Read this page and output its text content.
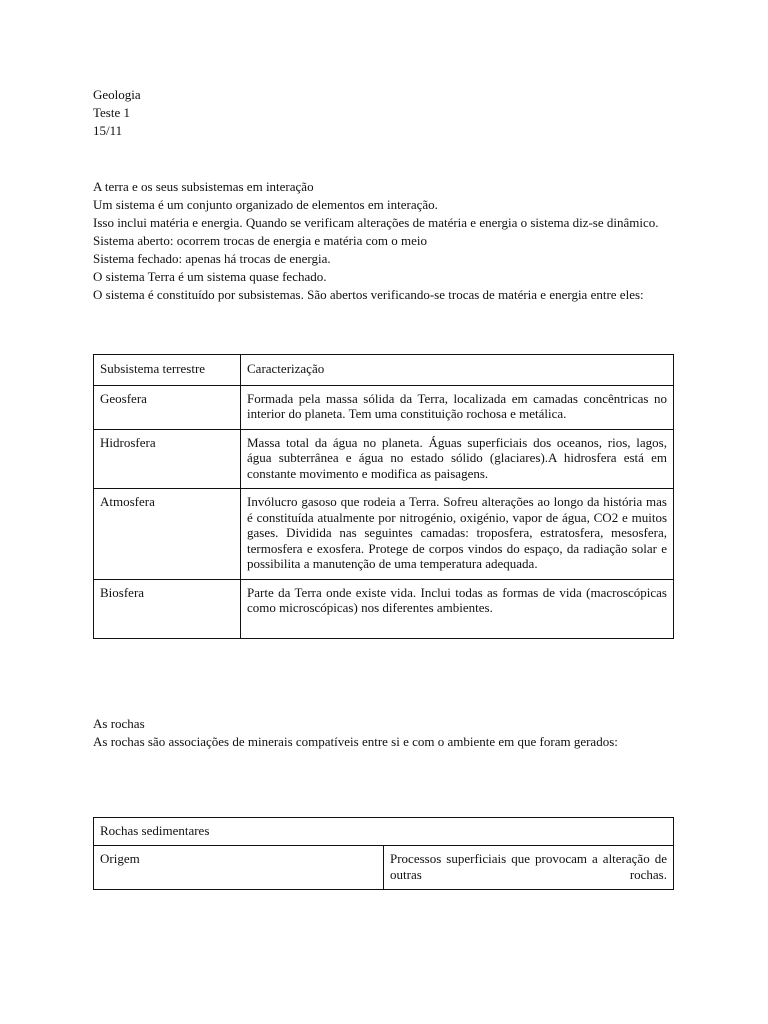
Geologia
Teste 1
15/11
A terra e os seus subsistemas em interação

Um sistema é um conjunto organizado de elementos em interação.

Isso inclui matéria e energia. Quando se verificam alterações de matéria e energia o sistema diz-se dinâmico.

Sistema aberto: ocorrem trocas de energia e matéria com o meio

Sistema fechado: apenas há trocas de energia.

O sistema Terra é um sistema quase fechado.

O sistema é constituído por subsistemas. São abertos verificando-se trocas de matéria e energia entre eles:

Subsistema terrestre	Caracterização
Geosfera	Formada pela massa sólida da Terra, localizada em camadas concêntricas no interior do planeta. Tem uma constituição rochosa e metálica.
Hidrosfera	Massa total da água no planeta. Águas superficiais dos oceanos, rios, lagos, água subterrânea e água no estado sólido (glaciares).A hidrosfera está em constante movimento e modifica as paisagens.
Atmosfera	Invólucro gasoso que rodeia a Terra. Sofreu alterações ao longo da história mas é constituída atualmente por nitrogénio, oxigénio, vapor de água, CO2 e muitos gases. Dividida nas seguintes camadas: troposfera, estratosfera, mesosfera, termosfera e exosfera. Protege de corpos vindos do espaço, da radiação solar e possibilita a manutenção de uma temperatura adequada.
Biosfera	Parte da Terra onde existe vida. Inclui todas as formas de vida (macroscópicas como microscópicas) nos diferentes ambientes.
As rochas

As rochas são associações de minerais compatíveis entre si e com o ambiente em que foram gerados:

Rochas sedimentares
Origem	Processos superficiais que provocam a alteração de outras rochas.
